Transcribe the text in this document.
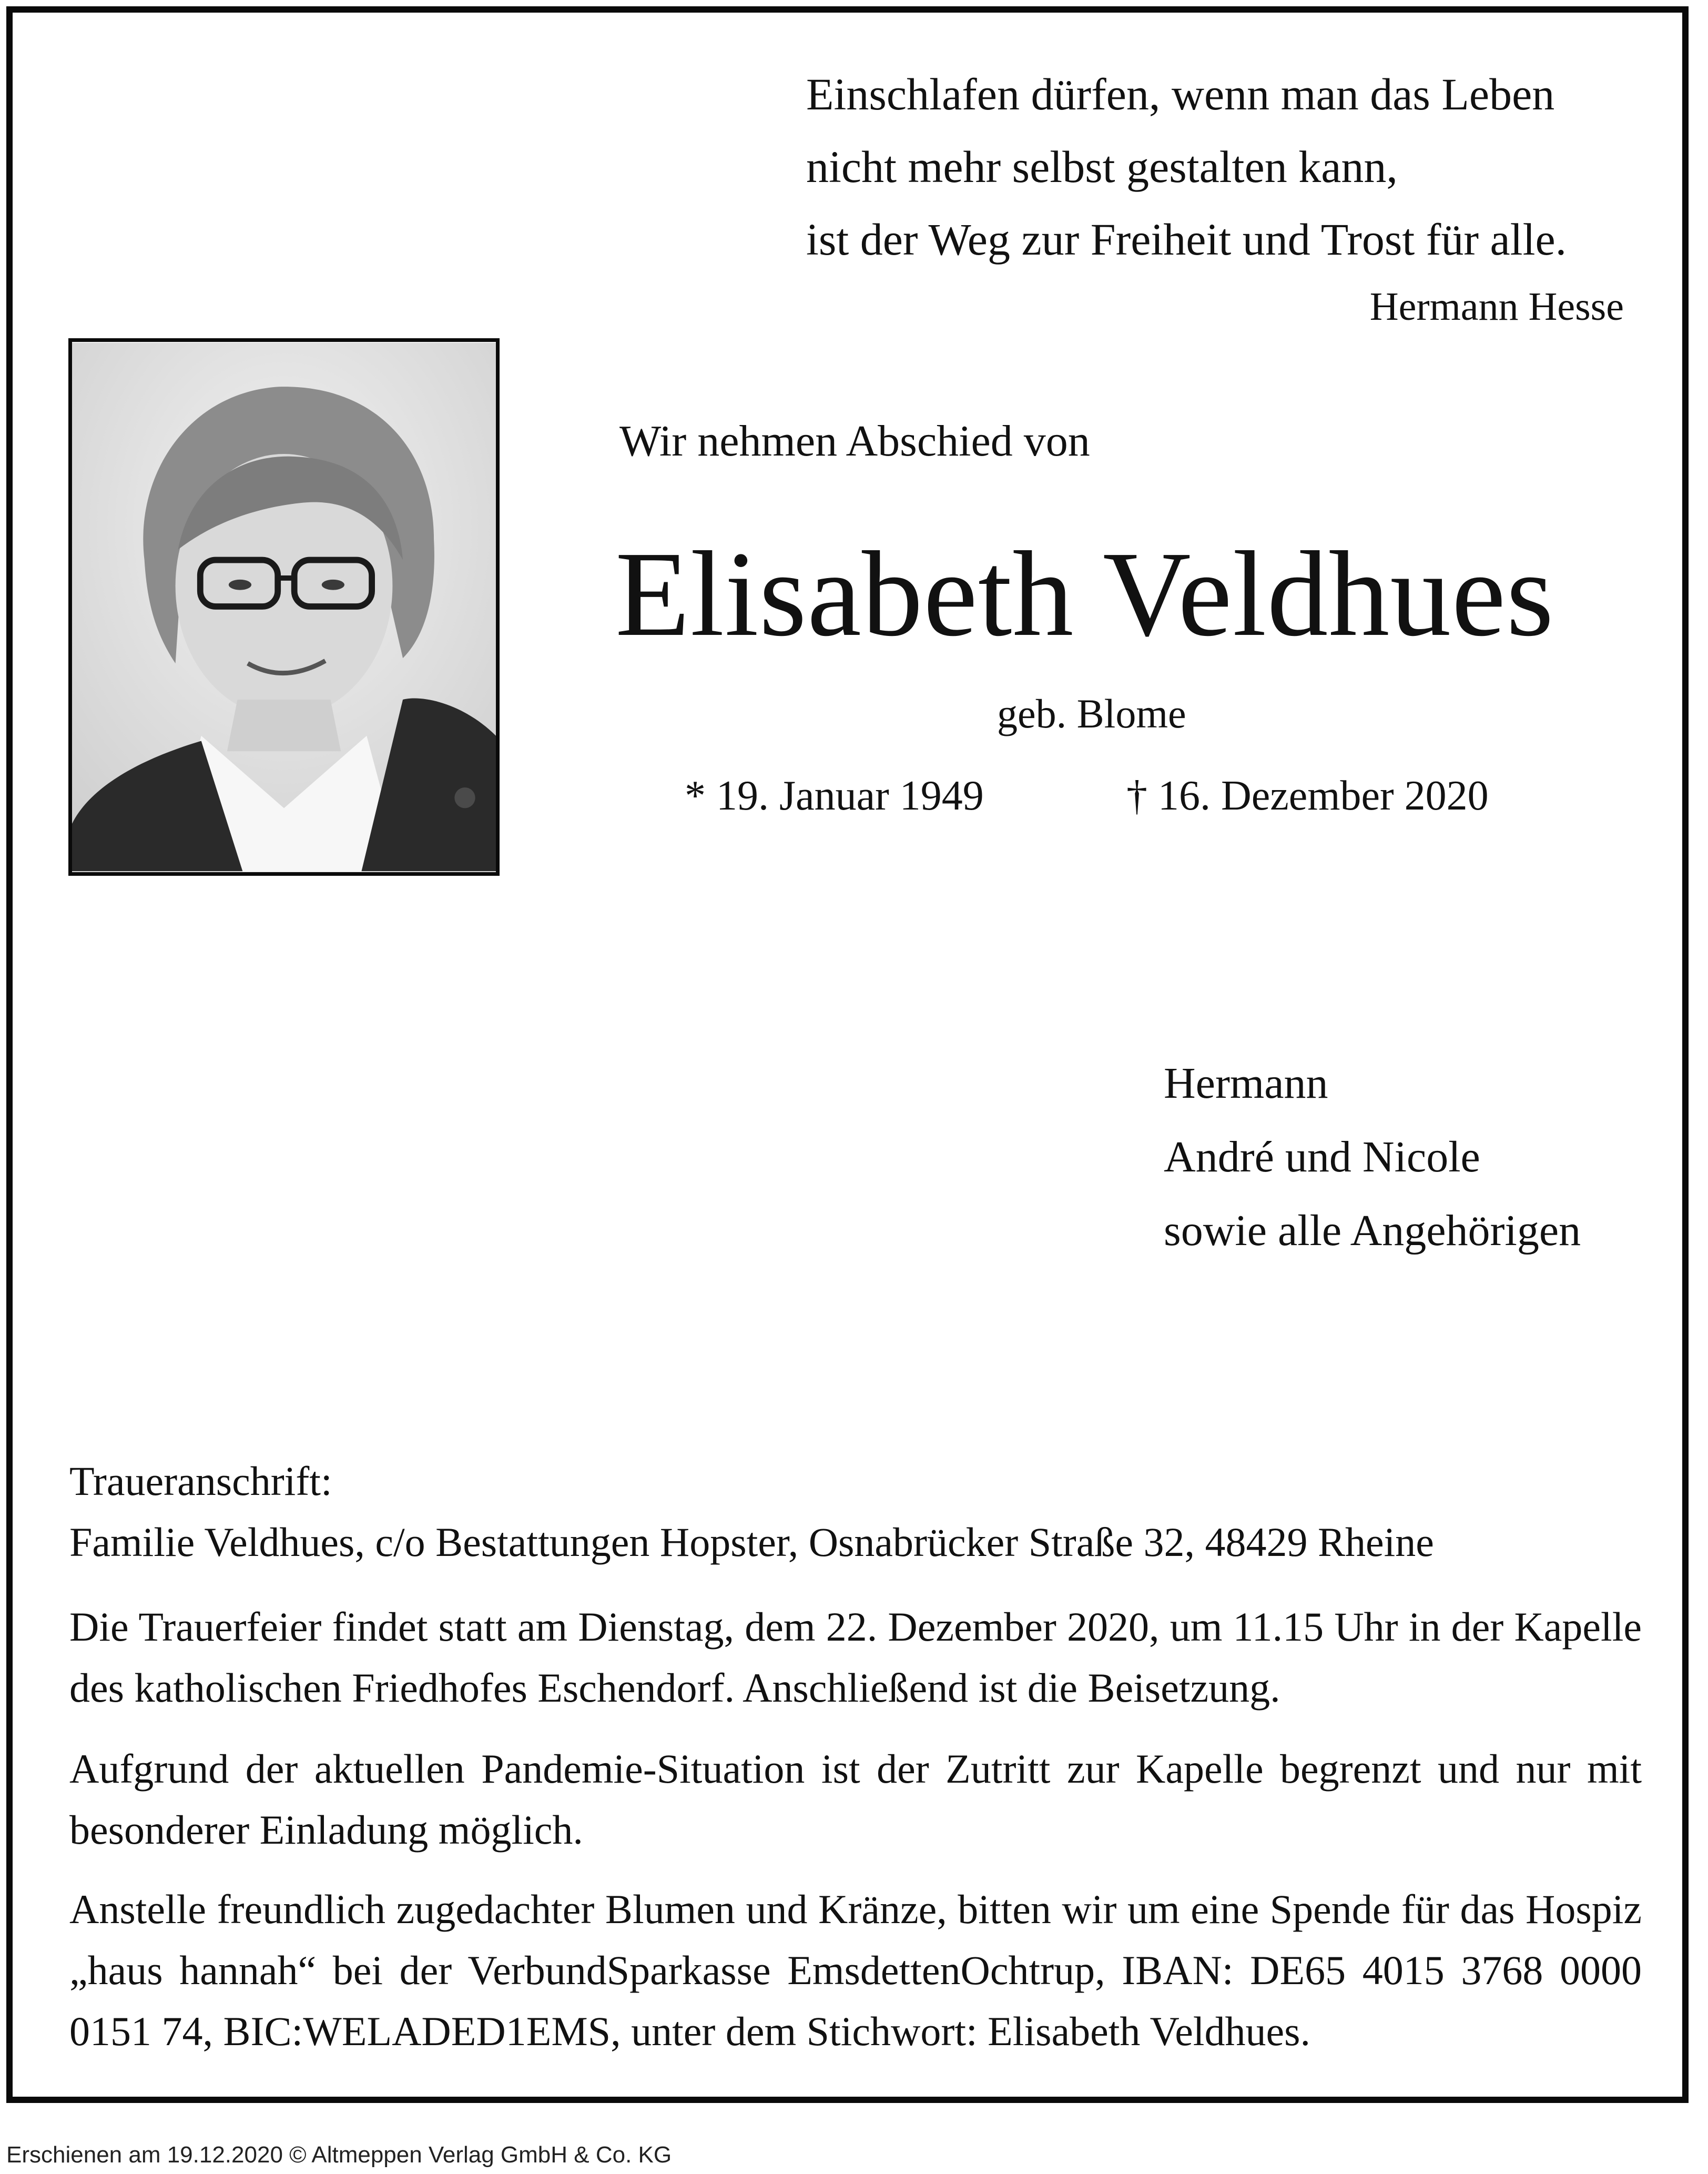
Einschlafen dürfen, wenn man das Leben
nicht mehr selbst gestalten kann,
ist der Weg zur Freiheit und Trost für alle.
Hermann Hesse
Wir nehmen Abschied von
Elisabeth Veldhues
geb. Blome
* 19. Januar 1949	† 16. Dezember 2020
Hermann
André und Nicole
sowie alle Angehörigen
Traueranschrift:
Familie Veldhues, c/o Bestattungen Hopster, Osnabrücker Straße 32, 48429 Rheine
Die Trauerfeier findet statt am Dienstag, dem 22. Dezember 2020, um 11.15 Uhr in der Kapelle des katholischen Friedhofes Eschendorf. Anschließend ist die Beisetzung.
Aufgrund der aktuellen Pandemie-Situation ist der Zutritt zur Kapelle begrenzt und nur mit besonderer Einladung möglich.
Anstelle freundlich zugedachter Blumen und Kränze, bitten wir um eine Spende für das Hospiz „haus hannah“ bei der VerbundSparkasse EmsdettenOchtrup, IBAN: DE65 4015 3768 0000 0151 74, BIC:WELADED1EMS, unter dem Stichwort: Elisabeth Veldhues.
Erschienen am 19.12.2020 © Altmeppen Verlag GmbH & Co. KG
